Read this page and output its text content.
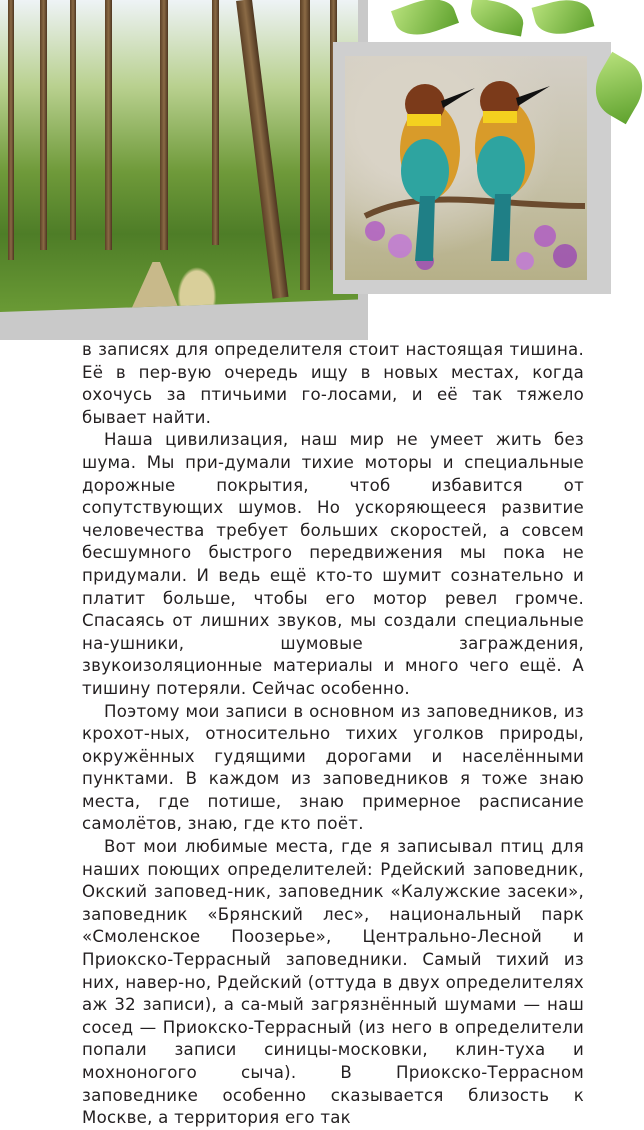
в записях для определителя стоит настоящая тишина. Её в пер-вую очередь ищу в новых местах, когда охочусь за птичьими го-лосами, и её так тяжело бывает найти.

Наша цивилизация, наш мир не умеет жить без шума. Мы при-думали тихие моторы и специальные дорожные покрытия, чтоб избавится от сопутствующих шумов. Но ускоряющееся развитие человечества требует больших скоростей, а совсем бесшумного быстрого передвижения мы пока не придумали. И ведь ещё кто-то шумит сознательно и платит больше, чтобы его мотор ревел громче. Спасаясь от лишних звуков, мы создали специальные на-ушники, шумовые заграждения, звукоизоляционные материалы и много чего ещё. А тишину потеряли. Сейчас особенно.

Поэтому мои записи в основном из заповедников, из крохот-ных, относительно тихих уголков природы, окружённых гудящими дорогами и населёнными пунктами. В каждом из заповедников я тоже знаю места, где потише, знаю примерное расписание самолётов, знаю, где кто поёт.

Вот мои любимые места, где я записывал птиц для наших поющих определителей: Рдейский заповедник, Окский заповед-ник, заповедник «Калужские засеки», заповедник «Брянский лес», национальный парк «Смоленское Поозерье», Центрально-Лесной и Приокско-Террасный заповедники. Самый тихий из них, навер-но, Рдейский (оттуда в двух определителях аж 32 записи), а са-мый загрязнённый шумами — наш сосед — Приокско-Террасный (из него в определители попали записи синицы-московки, клин-туха и мохноногого сыча). В Приокско-Террасном заповеднике особенно сказывается близость к Москве, а территория его так
